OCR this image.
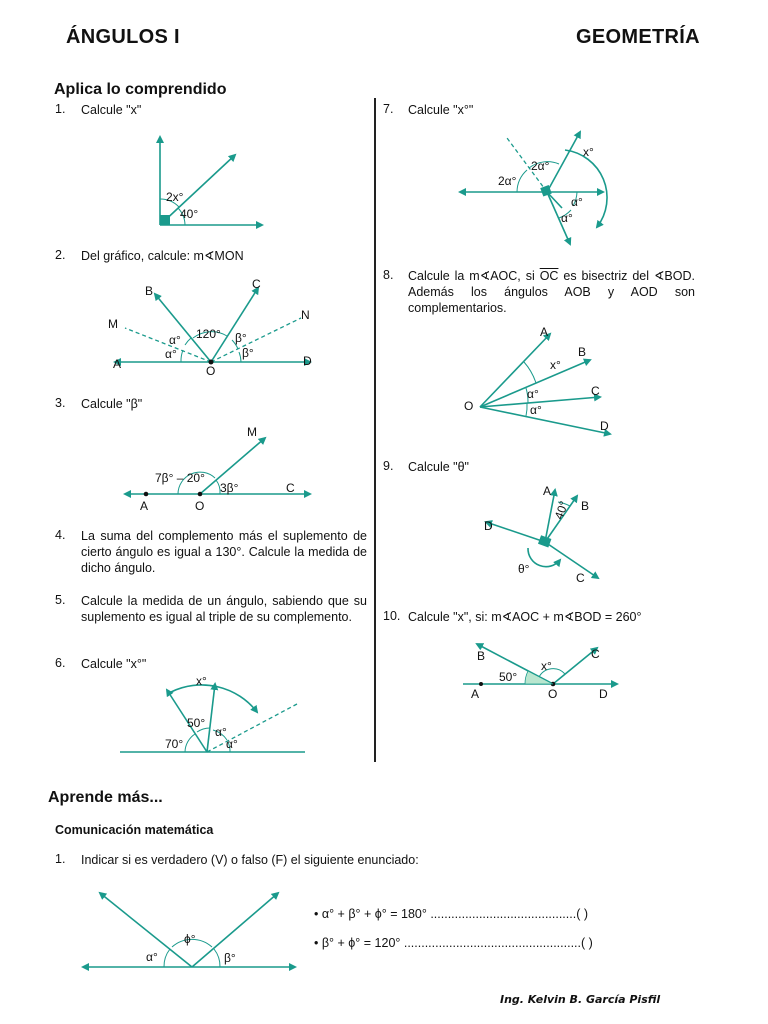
ÁNGULOS I	GEOMETRÍA
Aplica lo comprendido
1. Calcule "x"
2x°
40°
2. Del gráfico, calcule: m∢MON
B	C
M
N
A	D
O
120°
α°
α°
β°
β°
3. Calcule "β"
M
C
A	O
7β° – 20°
3β°
4. La suma del complemento más el suplemento de cierto ángulo es igual a 130°. Calcule la medida de dicho ángulo.
5. Calcule la medida de un ángulo, sabiendo que su suplemento es igual al triple de su complemento.
6. Calcule "x°"
x°
50°
70°
α°
α°
7. Calcule "x°"
x°
2α°
2α°
α°
α°
8. Calcule la m∢AOC, si $\overline{OC}$ es bisectriz del ∢BOD. Además los ángulos AOB y AOD son complementarios.
A
B
C
D
O
x°
α°
α°
9. Calcule "θ"
A
B
C
D
40°
θ°
10. Calcule "x", si: m∢AOC + m∢BOD = 260°
B	C
A	O	D
50°
x°
Aprende más...
Comunicación matemática
1. Indicar si es verdadero (V) o falso (F) el siguiente enunciado:
ϕ°
α°	β°
• α° + β° + ϕ° = 180° ..........................................( )
• β° + ϕ° = 120° ...................................................( )
Ing. Kelvin B. García Pisfil
